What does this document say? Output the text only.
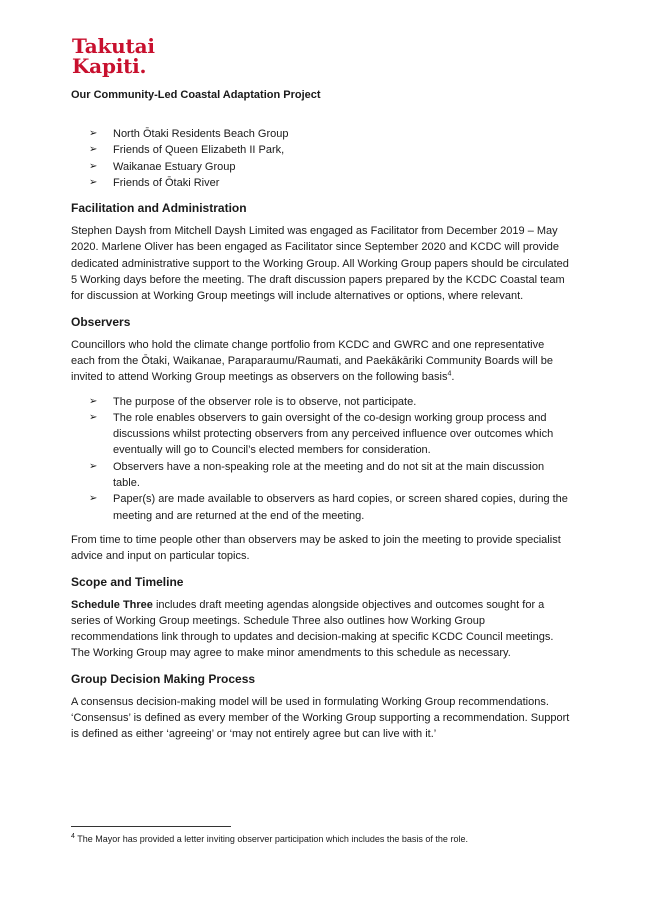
Takutai
Kapiti.
Our Community-Led Coastal Adaptation Project
➢ North Ōtaki Residents Beach Group
➢ Friends of Queen Elizabeth II Park,
➢ Waikanae Estuary Group
➢ Friends of Ōtaki River
Facilitation and Administration

Stephen Daysh from Mitchell Daysh Limited was engaged as Facilitator from December 2019 – May 2020. Marlene Oliver has been engaged as Facilitator since September 2020 and KCDC will provide dedicated administrative support to the Working Group. All Working Group papers should be circulated 5 Working days before the meeting. The draft discussion papers prepared by the KCDC Coastal team for discussion at Working Group meetings will include alternatives or options, where relevant.

Observers

Councillors who hold the climate change portfolio from KCDC and GWRC and one representative each from the Ōtaki, Waikanae, Paraparaumu/Raumati, and Paekākāriki Community Boards will be invited to attend Working Group meetings as observers on the following basis$^4$.

➢ The purpose of the observer role is to observe, not participate.
➢ The role enables observers to gain oversight of the co-design working group process and discussions whilst protecting observers from any perceived influence over outcomes which eventually will go to Council’s elected members for consideration.
➢ Observers have a non-speaking role at the meeting and do not sit at the main discussion table.
➢ Paper(s) are made available to observers as hard copies, or screen shared copies, during the meeting and are returned at the end of the meeting.

From time to time people other than observers may be asked to join the meeting to provide specialist advice and input on particular topics.

Scope and Timeline

Schedule Three includes draft meeting agendas alongside objectives and outcomes sought for a series of Working Group meetings. Schedule Three also outlines how Working Group recommendations link through to updates and decision-making at specific KCDC Council meetings. The Working Group may agree to make minor amendments to this schedule as necessary.

Group Decision Making Process

A consensus decision-making model will be used in formulating Working Group recommendations. ‘Consensus’ is defined as every member of the Working Group supporting a recommendation. Support is defined as either ‘agreeing’ or ‘may not entirely agree but can live with it.’

$^4$ The Mayor has provided a letter inviting observer participation which includes the basis of the role.
